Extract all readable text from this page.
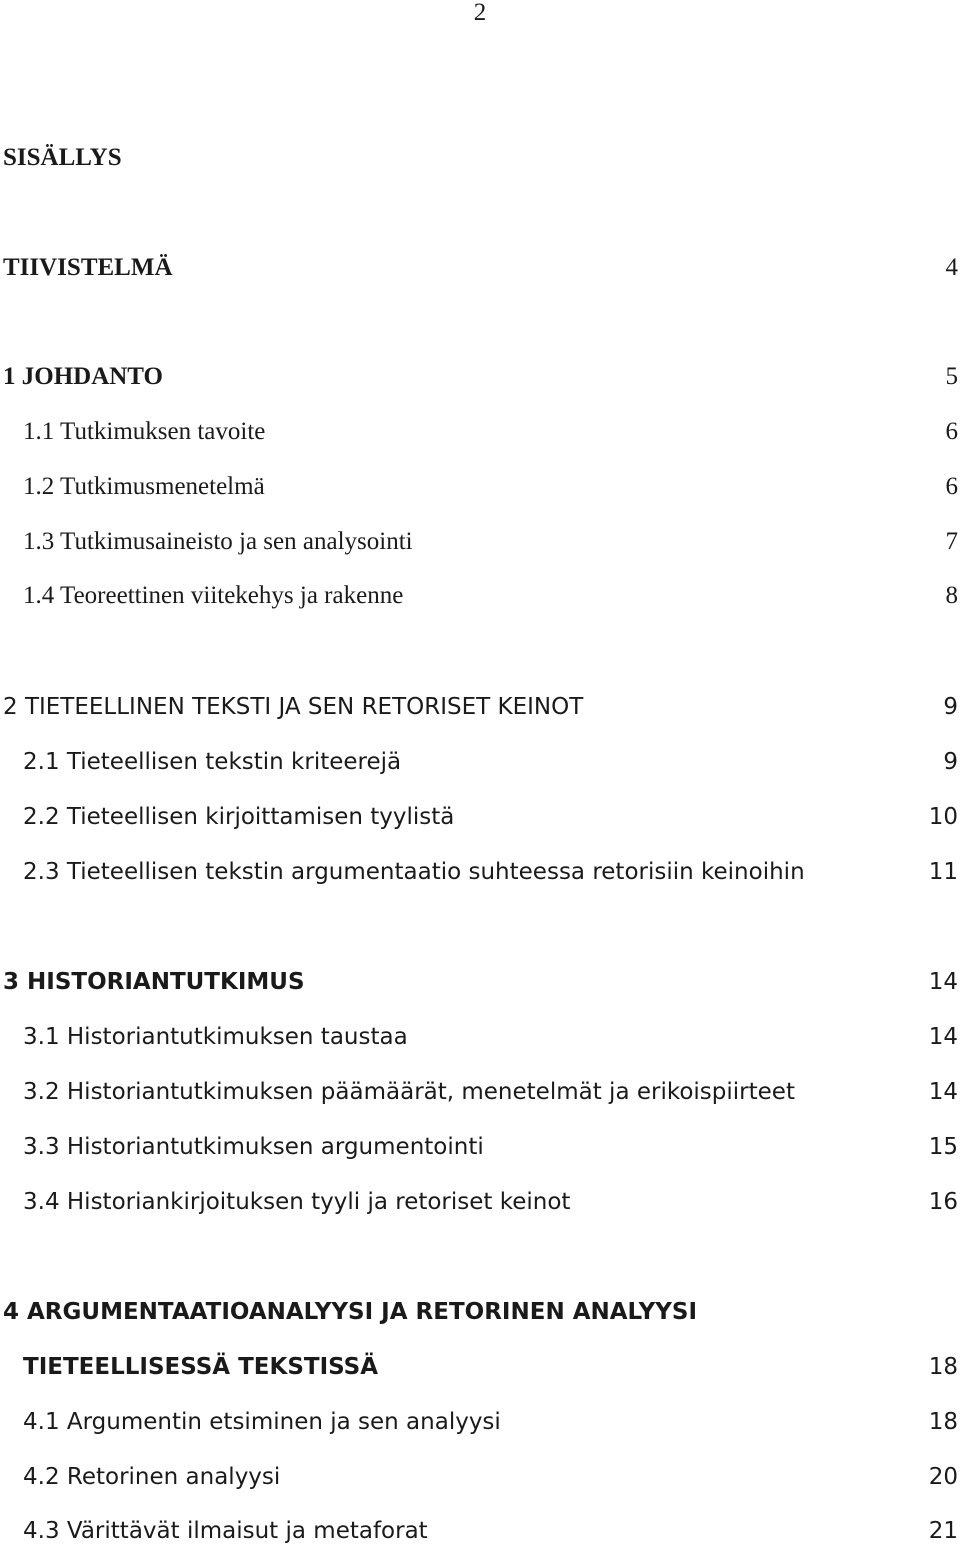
2
SISÄLLYS
TIIVISTELMÄ	4
1 JOHDANTO	5
1.1 Tutkimuksen tavoite	6
1.2 Tutkimusmenetelmä	6
1.3 Tutkimusaineisto ja sen analysointi	7
1.4 Teoreettinen viitekehys ja rakenne	8
2 TIETEELLINEN TEKSTI JA SEN RETORISET KEINOT	9
2.1 Tieteellisen tekstin kriteerejä	9
2.2 Tieteellisen kirjoittamisen tyylistä	10
2.3 Tieteellisen tekstin argumentaatio suhteessa retorisiin keinoihin	11
3 HISTORIANTUTKIMUS	14
3.1 Historiantutkimuksen taustaa	14
3.2 Historiantutkimuksen päämäärät, menetelmät ja erikoispiirteet	14
3.3 Historiantutkimuksen argumentointi	15
3.4 Historiankirjoituksen tyyli ja retoriset keinot	16
4 ARGUMENTAATIOANALYYSI JA RETORINEN ANALYYSI
TIETEELLISESSÄ TEKSTISSÄ	18
4.1 Argumentin etsiminen ja sen analyysi	18
4.2 Retorinen analyysi	20
4.3 Värittävät ilmaisut ja metaforat	21
